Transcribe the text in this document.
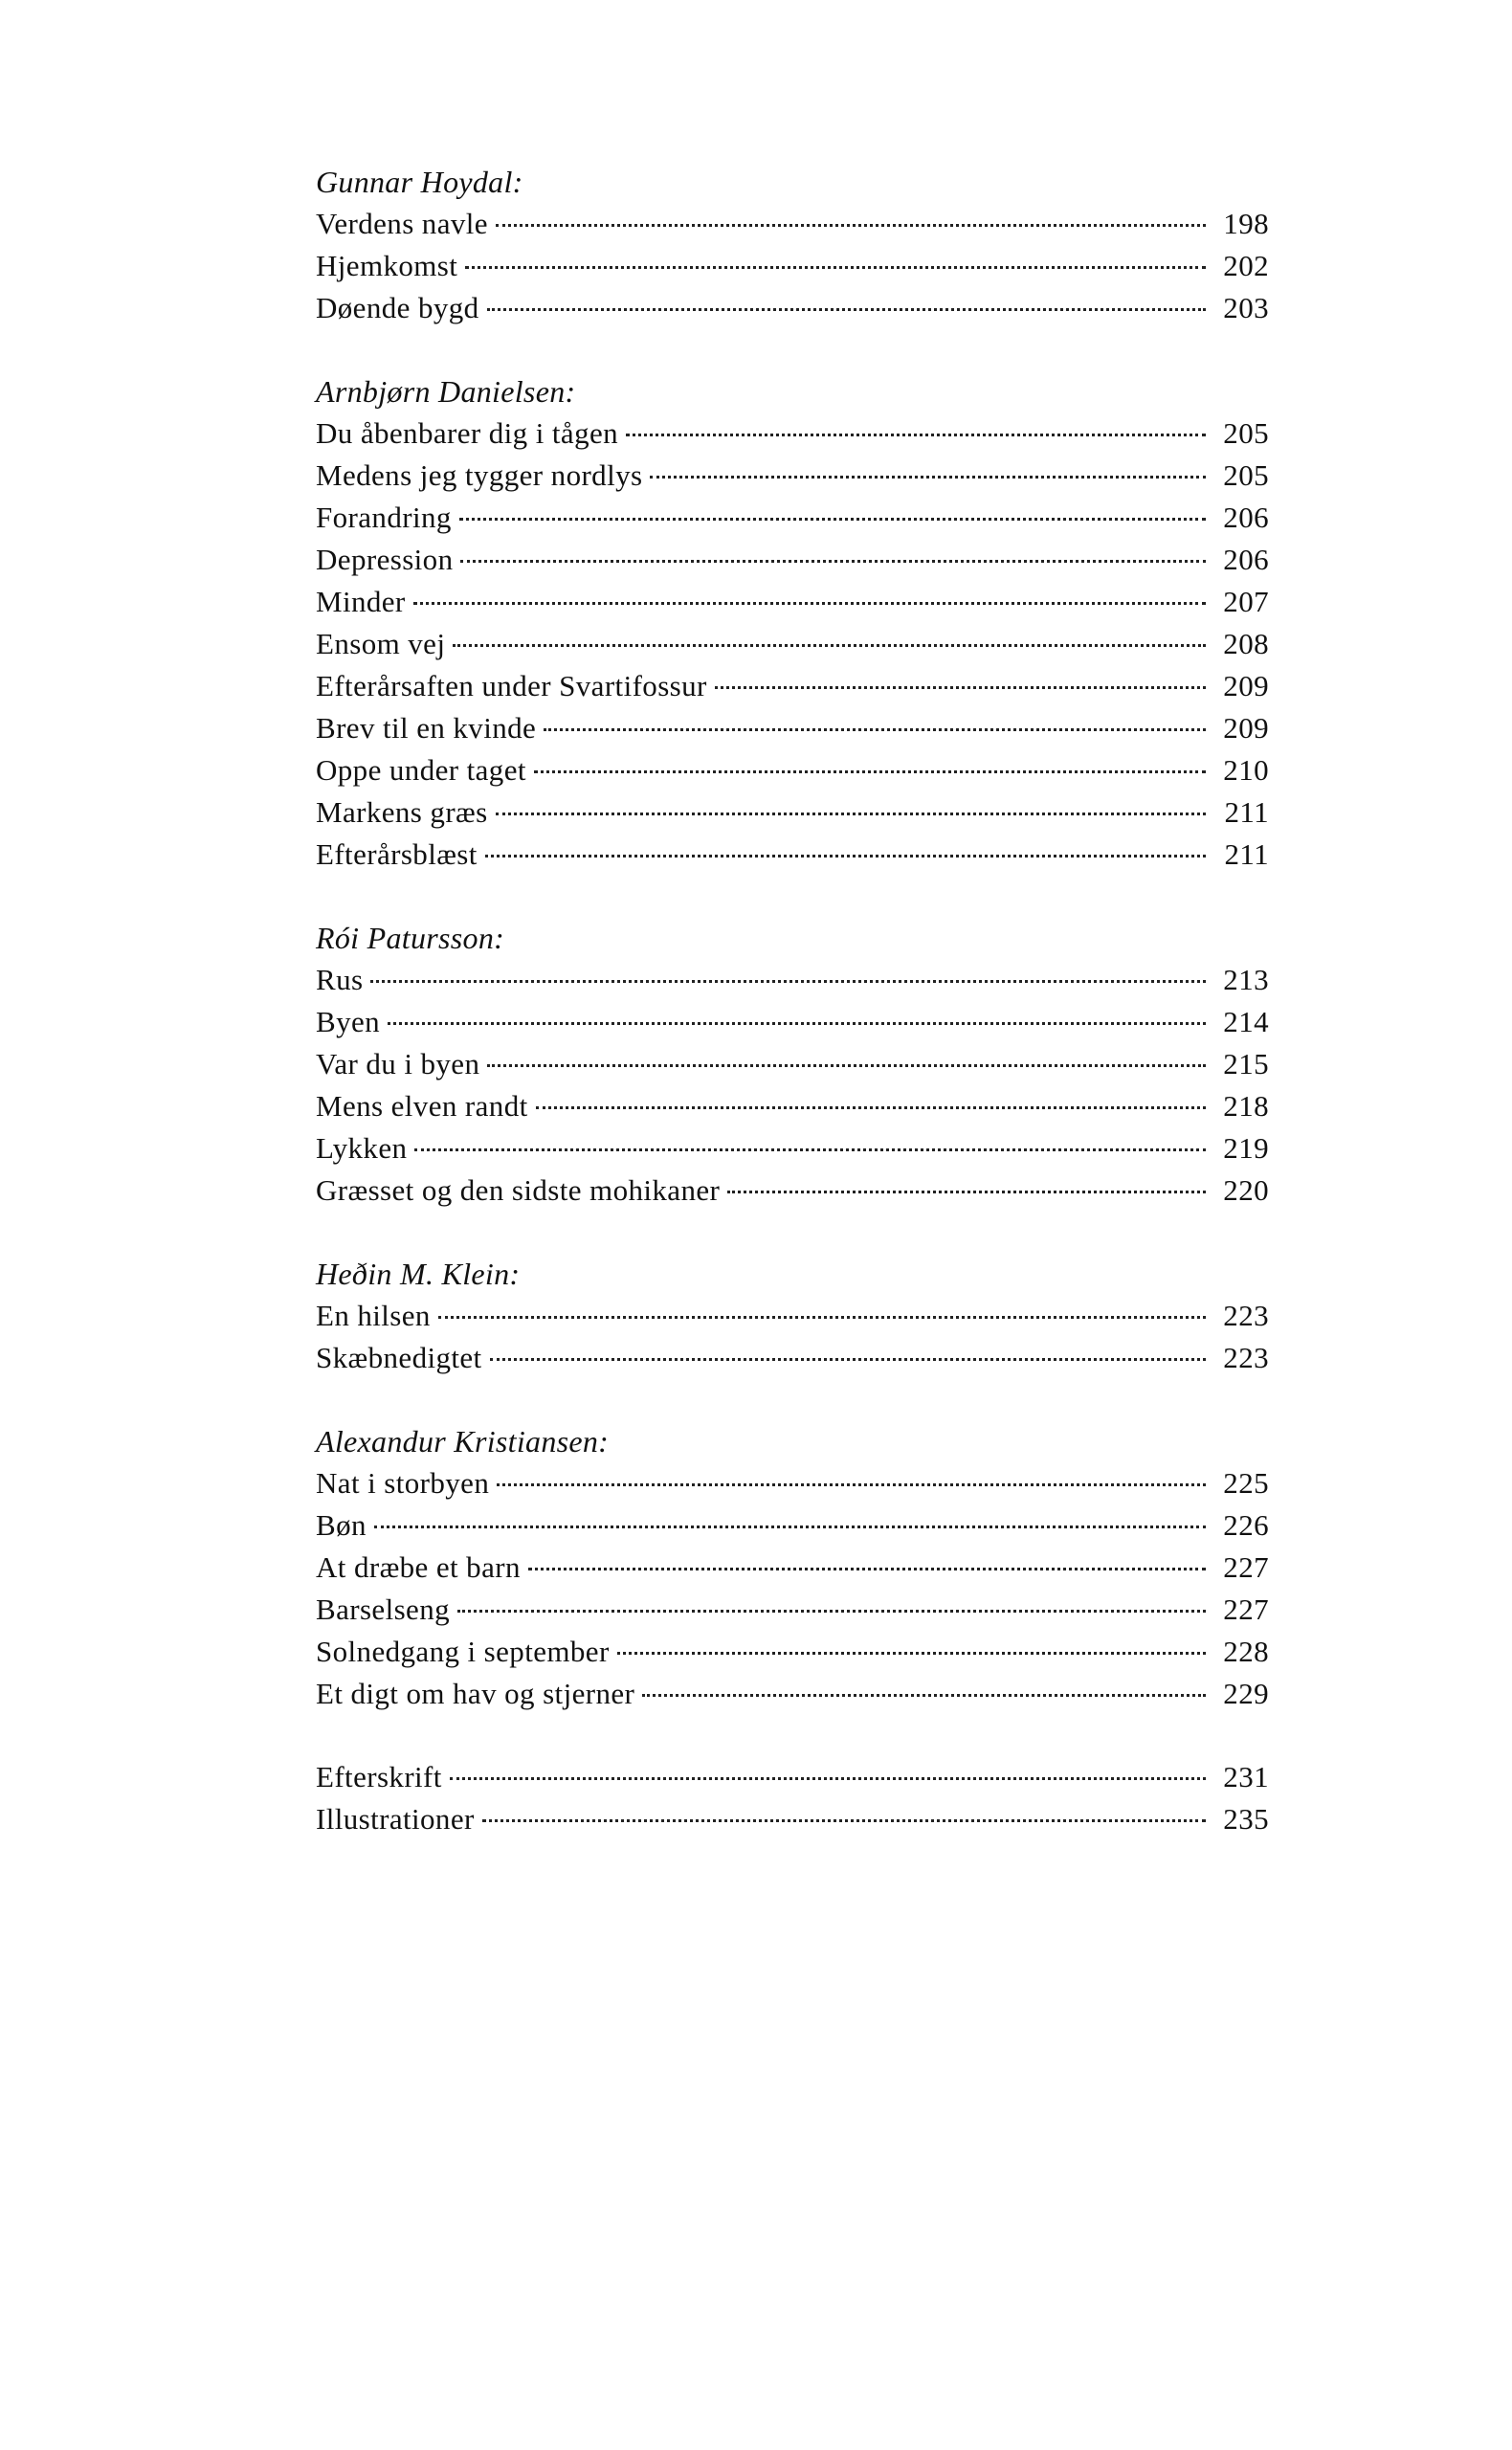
Gunnar Hoydal:
Verdens navle	198
Hjemkomst	202
Døende bygd	203
Arnbjørn Danielsen:
Du åbenbarer dig i tågen	205
Medens jeg tygger nordlys	205
Forandring	206
Depression	206
Minder	207
Ensom vej	208
Efterårsaften under Svartifossur	209
Brev til en kvinde	209
Oppe under taget	210
Markens græs	211
Efterårsblæst	211
Rói Patursson:
Rus	213
Byen	214
Var du i byen	215
Mens elven randt	218
Lykken	219
Græsset og den sidste mohikaner	220
Heðin M. Klein:
En hilsen	223
Skæbnedigtet	223
Alexandur Kristiansen:
Nat i storbyen	225
Bøn	226
At dræbe et barn	227
Barselseng	227
Solnedgang i september	228
Et digt om hav og stjerner	229
Efterskrift	231
Illustrationer	235
